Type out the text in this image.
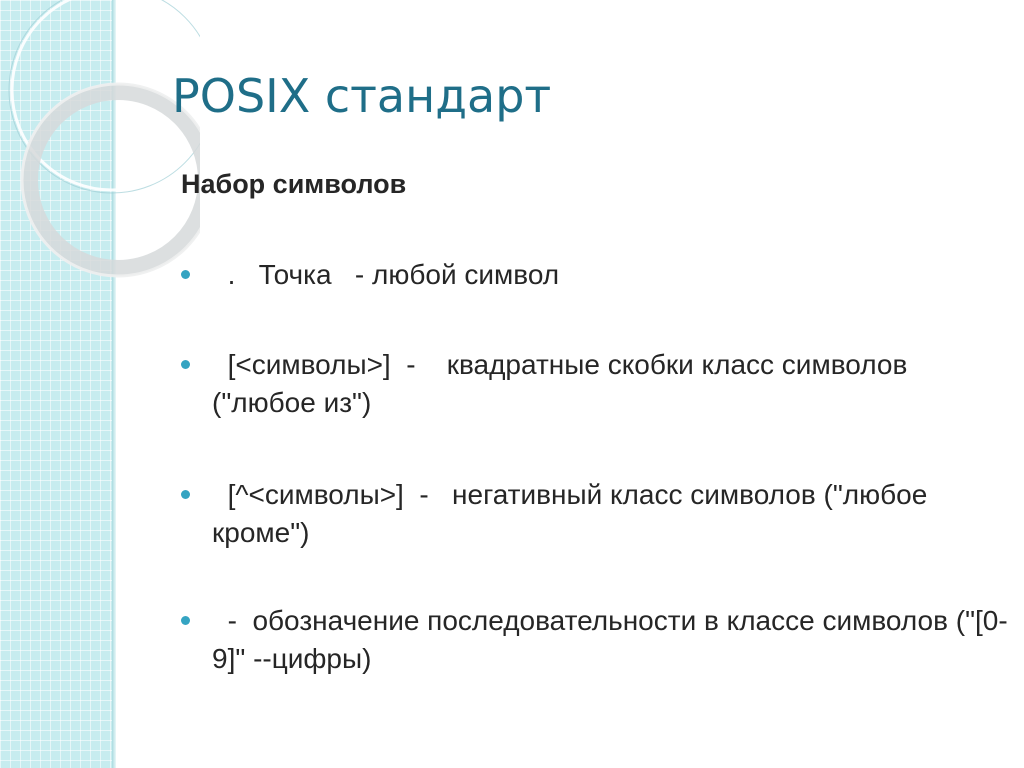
POSIX стандарт
Набор символов
.   Точка   - любой символ
[<символы>]  -    квадратные скобки класс символов ("любое из")
[^<символы>]  -   негативный класс символов ("любое кроме")
-  обозначение последовательности в классе символов ("[0-9]" --цифры)
